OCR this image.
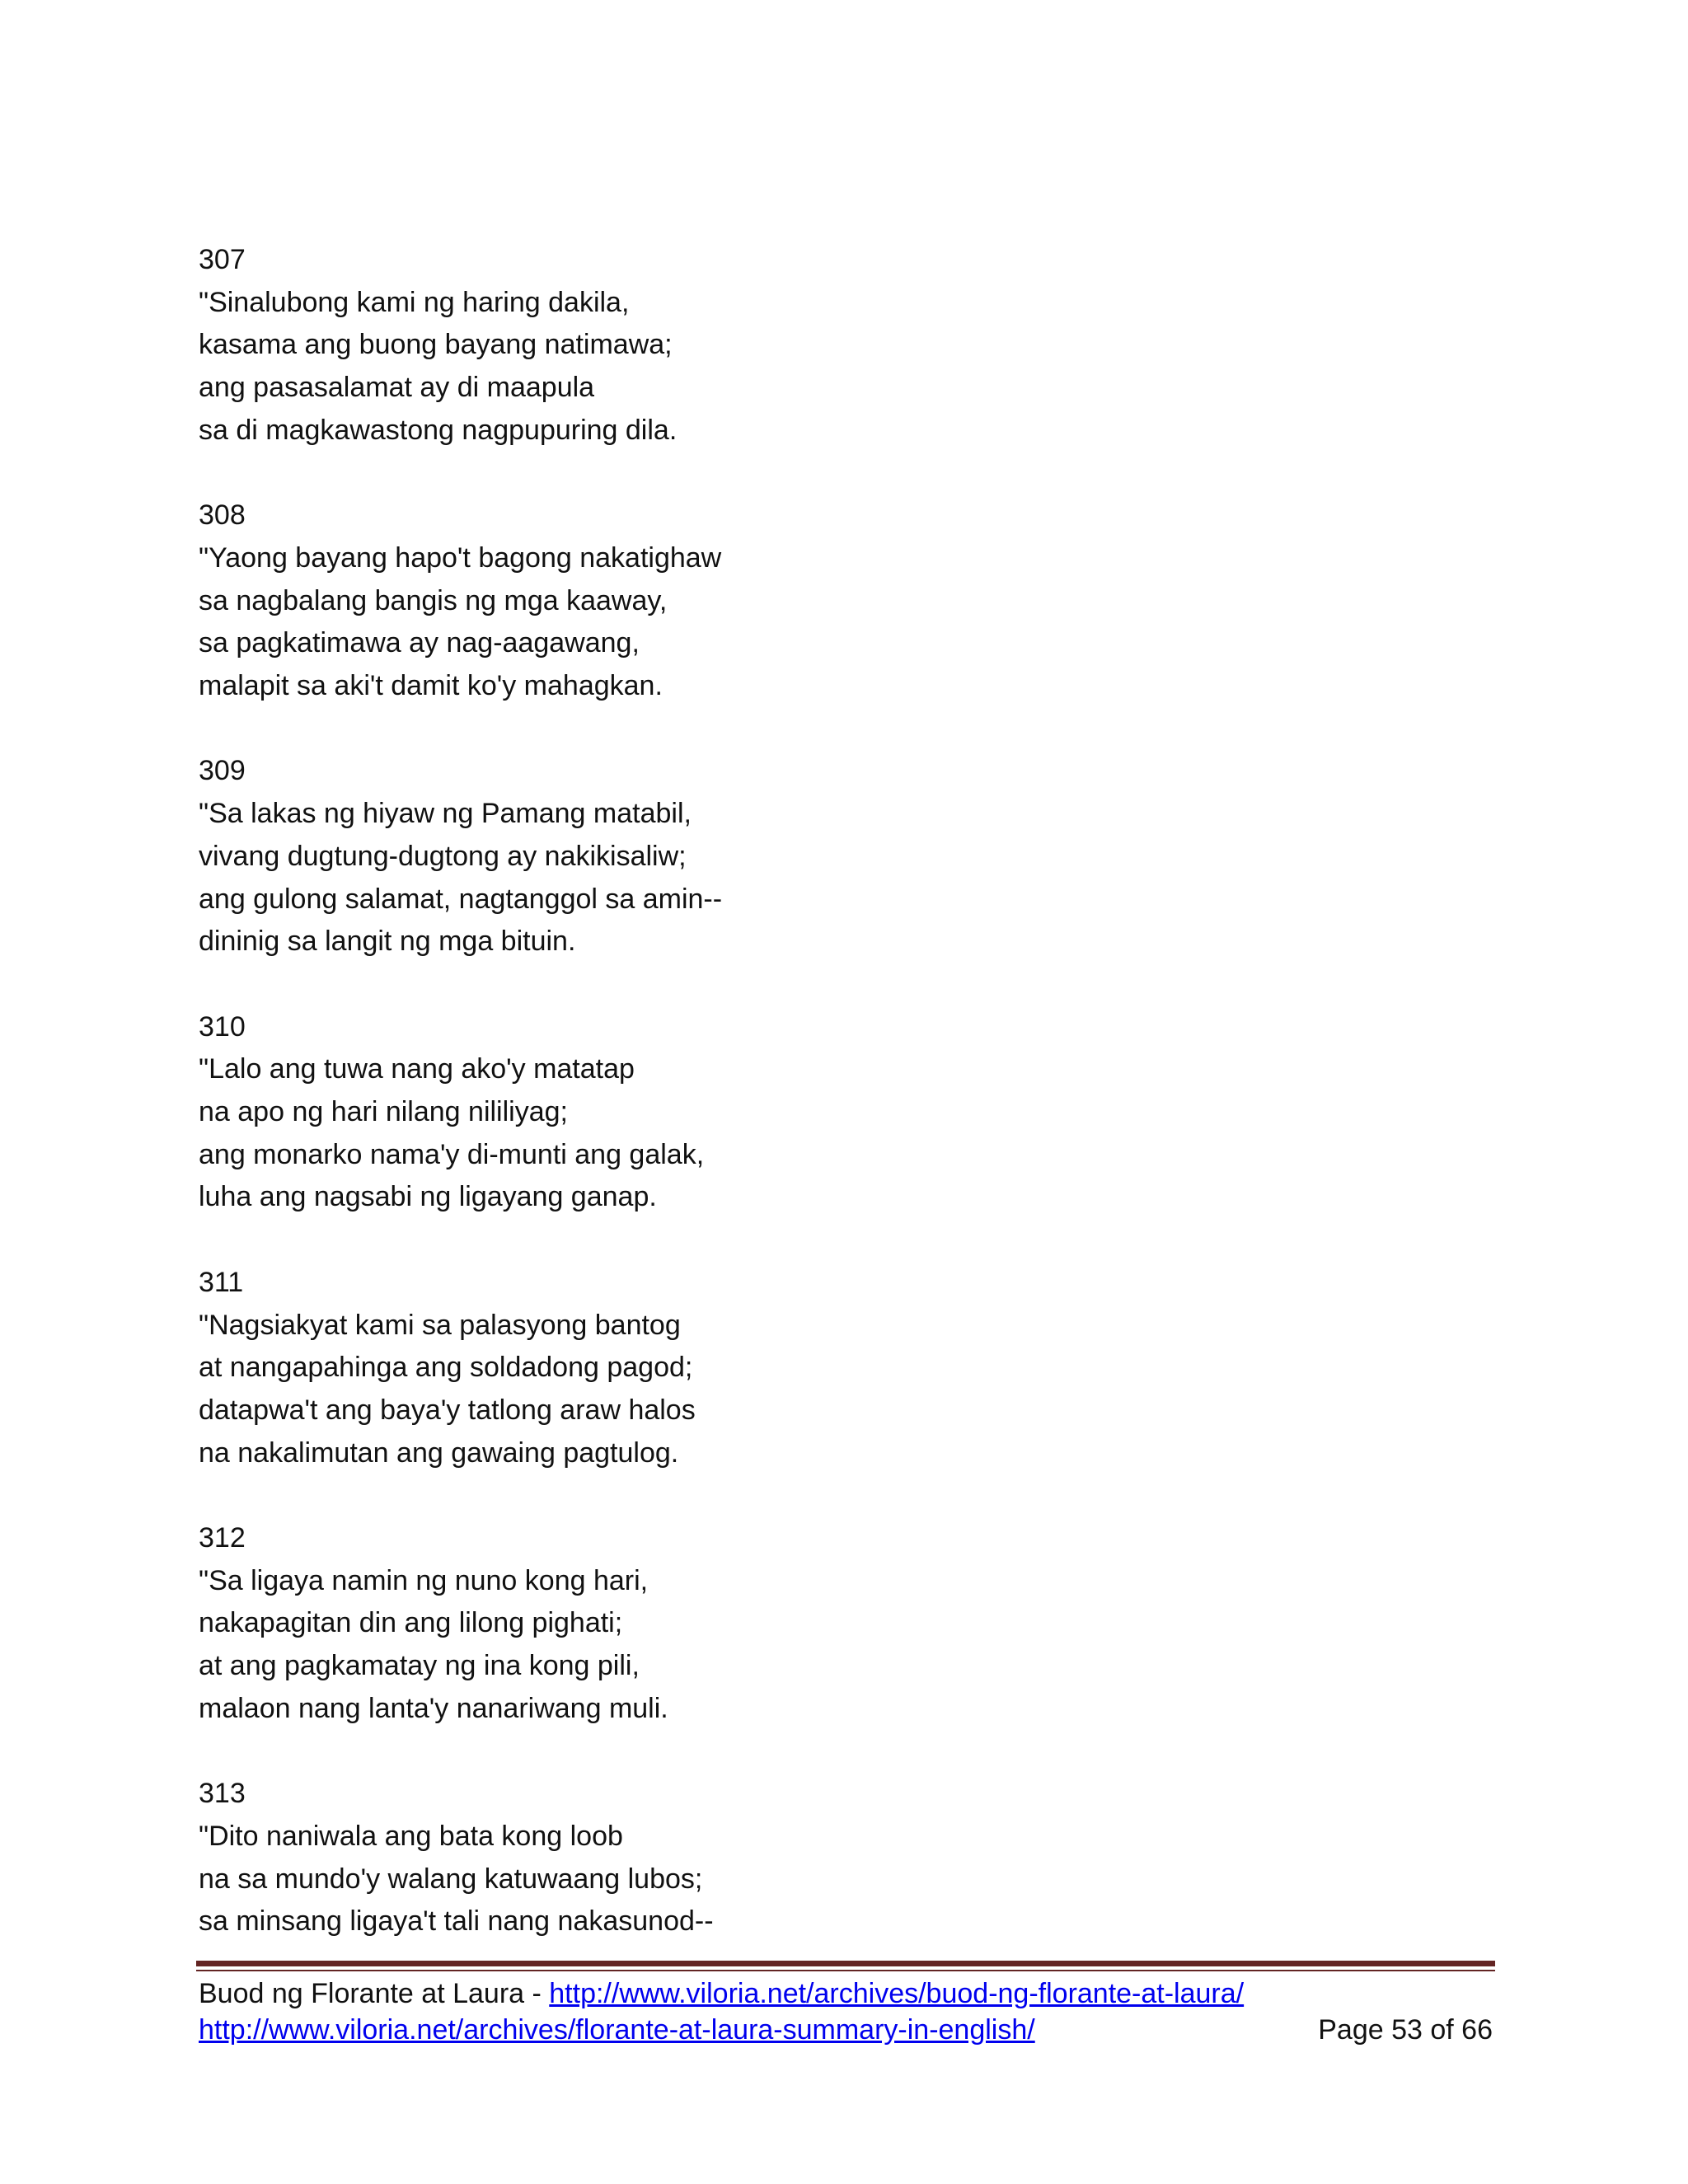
307
"Sinalubong kami ng haring dakila,
kasama ang buong bayang natimawa;
ang pasasalamat ay di maapula
sa di magkawastong nagpupuring dila.
308
"Yaong bayang hapo't bagong nakatighaw
sa nagbalang bangis ng mga kaaway,
sa pagkatimawa ay nag-aagawang,
malapit sa aki't damit ko'y mahagkan.
309
"Sa lakas ng hiyaw ng Pamang matabil,
vivang dugtung-dugtong ay nakikisaliw;
ang gulong salamat, nagtanggol sa amin--
dininig sa langit ng mga bituin.
310
"Lalo ang tuwa nang ako'y matatap
na apo ng hari nilang nililiyag;
ang monarko nama'y di-munti ang galak,
luha ang nagsabi ng ligayang ganap.
311
"Nagsiakyat kami sa palasyong bantog
at nangapahinga ang soldadong pagod;
datapwa't ang baya'y tatlong araw halos
na nakalimutan ang gawaing pagtulog.
312
"Sa ligaya namin ng nuno kong hari,
nakapagitan din ang lilong pighati;
at ang pagkamatay ng ina kong pili,
malaon nang lanta'y nanariwang muli.
313
"Dito naniwala ang bata kong loob
na sa mundo'y walang katuwaang lubos;
sa minsang ligaya't tali nang nakasunod--
Buod ng Florante at Laura - http://www.viloria.net/archives/buod-ng-florante-at-laura/
http://www.viloria.net/archives/florante-at-laura-summary-in-english/	Page 53 of 66
